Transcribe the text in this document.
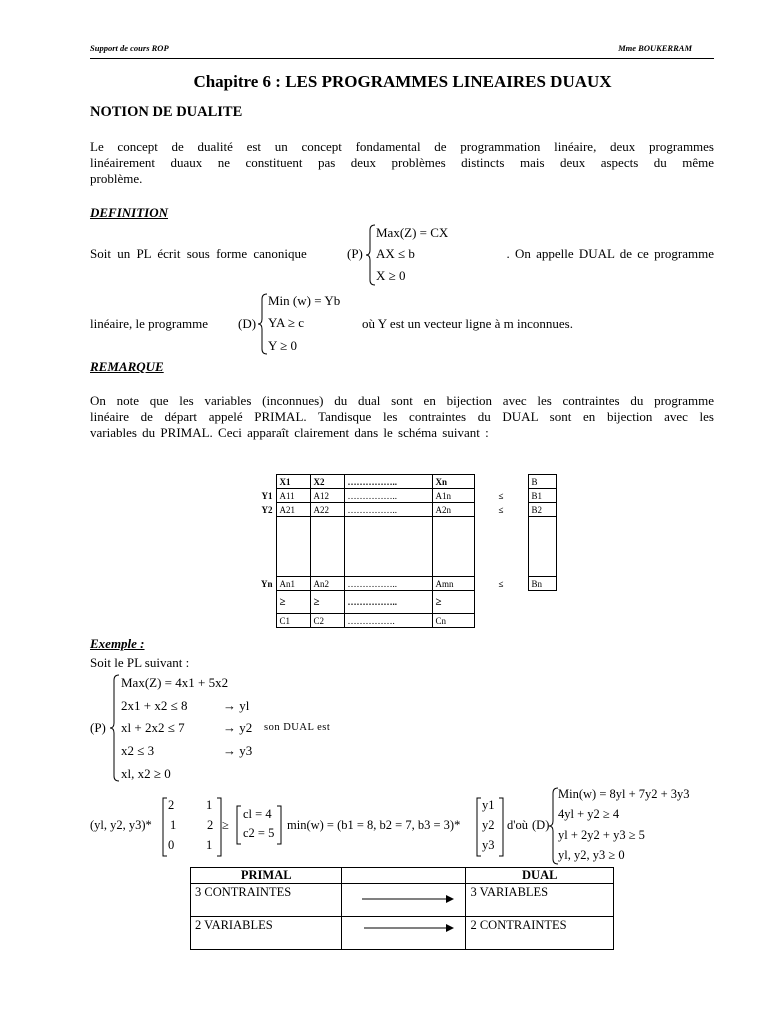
Support de cours ROP	Mme BOUKERRAM
Chapitre 6 : LES PROGRAMMES LINEAIRES DUAUX
NOTION DE DUALITE
Le concept de dualité est un concept fondamental de programmation linéaire, deux programmes
linéairement duaux ne constituent pas deux problèmes distincts mais deux aspects du même
problème.
DEFINITION
Soit un PL écrit sous forme canonique	(P)
Max(Z) = CX
AX ≤ b
X ≥ 0
. On appelle DUAL de ce programme
linéaire, le programme (D)
Min (w) = Yb
YA ≥ c
Y ≥ 0
où Y est un vecteur ligne à m inconnues.
REMARQUE
On note que les variables (inconnues) du dual sont en bijection avec les contraintes du programme
linéaire de départ appelé PRIMAL. Tandisque les contraintes du DUAL sont en bijection avec les
variables du PRIMAL. Ceci apparaît clairement dans le schéma suivant :
	X1	X2	……………..	Xn		B
Y1	A11	A12	……………..	A1n	≤	B1
Y2	A21	A22	……………..	A2n	≤	B2

Yn	An1	An2	……………..	Amn	≤	Bn
	≥	≥	……………..	≥		
	C1	C2	…………….	Cn		
Exemple :
Soit le PL suivant :
(P)
Max(Z) = 4x1 + 5x2
2x1 + x2 ≤ 8	→ yl
xl + 2x2 ≤ 7	→ y2 son DUAL est
x2 ≤ 3	→ y3
xl, x2 ≥ 0
(yl, y2, y3)*
2	1
1 2
0	1
≥
cl = 4
c2 = 5
min(w) = (b1 = 8, b2 = 7, b3 = 3)*
y1
y2
y3
d'où (D)
Min(w) = 8yl + 7y2 + 3y3
4yl + y2 ≥ 4
yl + 2y2 + y3 ≥ 5
yl, y2, y3 ≥ 0
PRIMAL		DUAL
3 CONTRAINTES		3 VARIABLES
2 VARIABLES		2 CONTRAINTES
